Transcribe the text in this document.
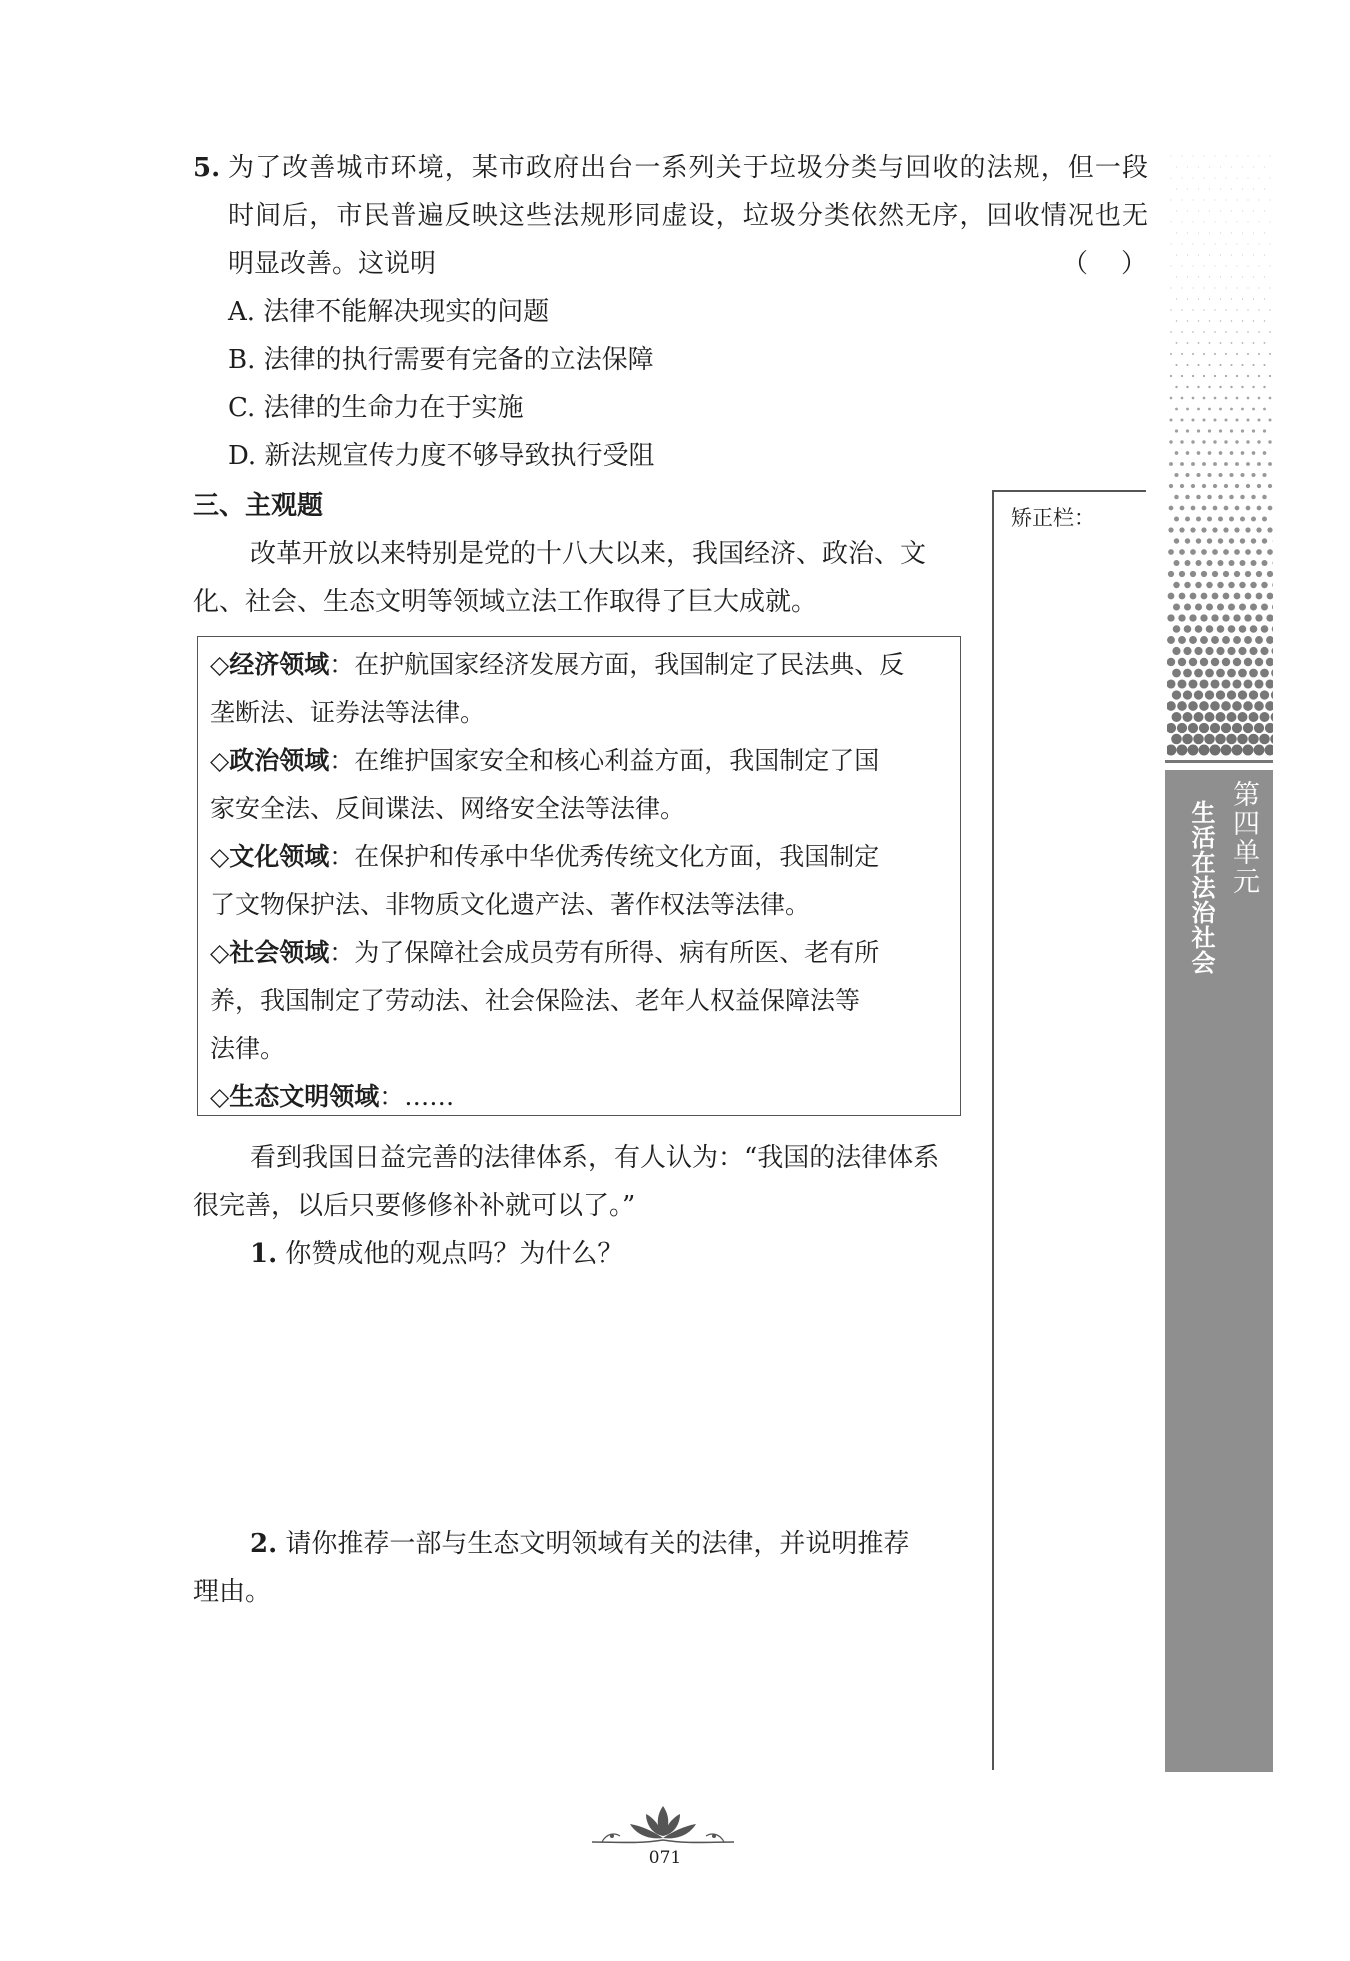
5. 为了改善城市环境，某市政府出台一系列关于垃圾分类与回收的法规，但一段
时间后，市民普遍反映这些法规形同虚设，垃圾分类依然无序，回收情况也无
明显改善。这说明	（    ）
A. 法律不能解决现实的问题
B. 法律的执行需要有完备的立法保障
C. 法律的生命力在于实施
D. 新法规宣传力度不够导致执行受阻
三、主观题
改革开放以来特别是党的十八大以来，我国经济、政治、文
化、社会、生态文明等领域立法工作取得了巨大成就。
◇经济领域：在护航国家经济发展方面，我国制定了民法典、反
垄断法、证券法等法律。
◇政治领域：在维护国家安全和核心利益方面，我国制定了国
家安全法、反间谍法、网络安全法等法律。
◇文化领域：在保护和传承中华优秀传统文化方面，我国制定
了文物保护法、非物质文化遗产法、著作权法等法律。
◇社会领域：为了保障社会成员劳有所得、病有所医、老有所
养，我国制定了劳动法、社会保险法、老年人权益保障法等
法律。
◇生态文明领域：……
看到我国日益完善的法律体系，有人认为：“我国的法律体系
很完善，以后只要修修补补就可以了。”
1. 你赞成他的观点吗？为什么？
2. 请你推荐一部与生态文明领域有关的法律，并说明推荐
理由。
矫正栏：
第四单元
生活在法治社会
071
